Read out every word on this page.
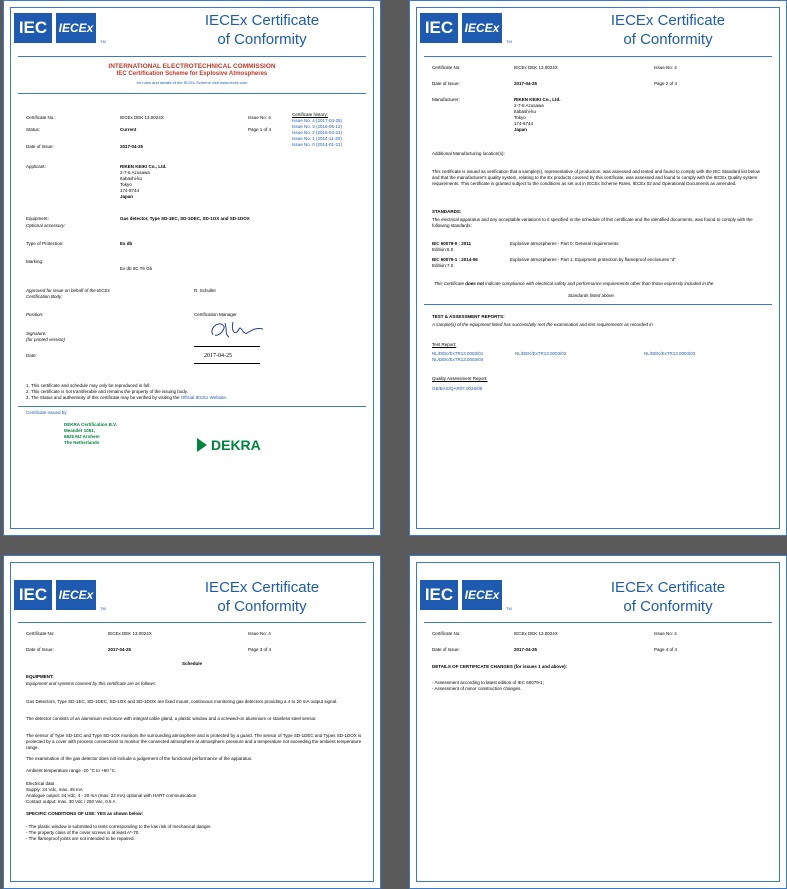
IEC IECEx
TM
IECEx Certificate
of Conformity
INTERNATIONAL ELECTROTECHNICAL COMMISSION
IEC Certification Scheme for Explosive Atmospheres
for rules and details of the IECEx Scheme visit www.iecex.com
Certificate No.:	IECEx DEK 13.0024X	Issue No: 4
Certificate history:
Issue No. 4 (2017-04-25)
Issue No. 3 (2016-05-12)
Issue No. 2 (2015-04-21)
Issue No. 1 (2014-11-20)
Issue No. 0 (2014-01-21)
Status:	Current	Page 1 of 4
Date of Issue:	2017-04-25
Applicant:	RIKEN KEIKI Co., Ltd.
2-7-6 Azusawa
Itabashi-ku
Tokyo
174-8744
Japan
Equipment:	Gas detector, Type SD-1EC, SD-1DEC, SD-1OX and SD-1DOX
Optional accessory:
Type of Protection:	Ex db
Marking:
Ex db IIC T6 Gb
Approved for issue on behalf of the IECEx
Certification Body:
R. Schuller
Position:	Certification Manager
Signature:
(for printed version)
Date:	2017-04-25
1. This certificate and schedule may only be reproduced in full.
2. This certificate is not transferable and remains the property of the issuing body.
3. The Status and authenticity of this certificate may be verified by visiting the Official IECEx Website.
Certificate issued by:
DEKRA Certification B.V.
Meander 1051,
6825 MJ Arnhem
The Netherlands	DEKRA
IEC IECEx
TM
IECEx Certificate
of Conformity
Certificate No:	IECEx DEK 13.0024X	Issue No: 4
Date of Issue:	2017-04-25	Page 2 of 4
Manufacturer:	RIKEN KEIKI Co., Ltd.
2-7-6 Azusawa
Itabashi-ku
Tokyo
174-8744
Japan
Additional Manufacturing location(s):
This certificate is issued as verification that a sample(s), representative of production, was assessed and tested and found to comply with the IEC Standard list below and that the manufacturer's quality system, relating to the Ex products covered by this certificate, was assessed and found to comply with the IECEx Quality system requirements. This certificate is granted subject to the conditions as set out in IECEx Scheme Rules, IECEx 02 and Operational Documents as amended.
STANDARDS:
The electrical apparatus and any acceptable variations to it specified in the schedule of this certificate and the identified documents, was found to comply with the following standards:
IEC 60079-0 : 2011
Edition:6.0
Explosive atmospheres - Part 0: General requirements
IEC 60079-1 : 2014-06
Edition:7.0
Explosive atmospheres - Part 1: Equipment protection by flameproof enclosures "d"
This Certificate does not indicate compliance with electrical safety and performance requirements other than those expressly included in the
Standards listed above.
TEST & ASSESSMENT REPORTS:
A sample(s) of the equipment listed has successfully met the examination and test requirements as recorded in
Test Report:
NL/DEK/ExTR13.0003/01	NL/DEK/ExTR13.0003/02	NL/DEK/ExTR13.0003/03
NL/DEK/ExTR13.0003/04
Quality Assessment Report:
GB/BAS/QAR07.0026/06
IEC IECEx
TM
IECEx Certificate
of Conformity
Certificate No:	IECEx DEK 13.0024X	Issue No: 4
Date of Issue:	2017-04-25	Page 3 of 4
Schedule
EQUIPMENT:
Equipment and systems covered by this certificate are as follows:
Gas Detectors, Type SD-1EC, SD-1DEC, SD-1OX and SD-1DOX are fixed mount, continuous monitoring gas detectors providing a 4 to 20 mA output signal.
The detector consists of an aluminium enclosure with integral cable gland, a plastic window and a screwed-on aluminium or stainless steel sensor.
The sensor of Type SD-1EC and Type SD-1OX monitors the surrounding atmosphere and is protected by a guard. The sensor of Type SD-1DEC and Types SD-1DOX is protected by a cover with process connections to monitor the connected atmosphere at atmospheric pressure and a temperature not exceeding the ambient temperature range.
The examination of the gas detector does not include a judgement of the functional performance of the apparatus.
Ambient temperature range -20 °C to +60 °C.
Electrical data
Supply: 24 Vdc, max. 45 mA
Analogue output: 24 Vdc, 4 - 20 mA (max. 22 mA) optional with HART communication
Contact output: max. 30 Vdc / 250 Vac, 0.5 A
SPECIFIC CONDITIONS OF USE: YES as shown below:
- The plastic window is submitted to tests corresponding to the low risk of mechanical danger.
- The property class of the cover screws is at least A*-70.
- The flameproof joints are not intended to be repaired.
IEC IECEx
TM
IECEx Certificate
of Conformity
Certificate No:	IECEx DEK 13.0024X	Issue No: 4
Date of Issue:	2017-04-25	Page 4 of 4
DETAILS OF CERTIFICATE CHANGES (for issues 1 and above):
- Assessment according to latest edition of IEC 60079-1;
- Assessment of minor construction changes.
